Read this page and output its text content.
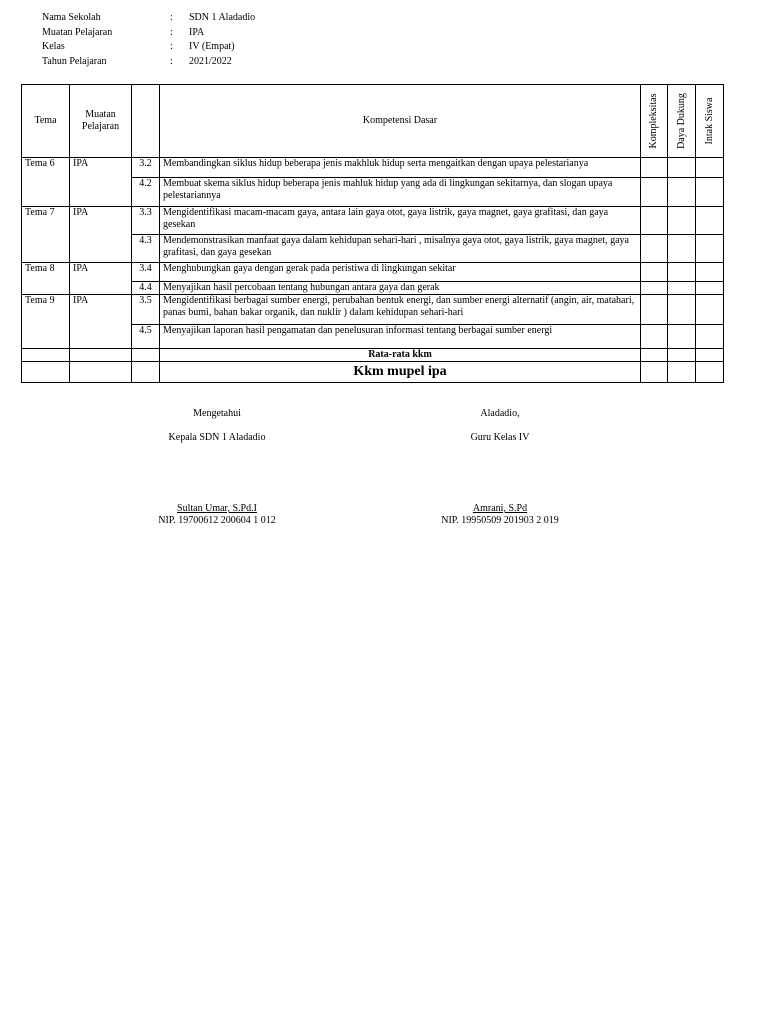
Nama Sekolah	: SDN 1 Aladadio
Muatan Pelajaran	: IPA
Kelas	: IV (Empat)
Tahun Pelajaran	: 2021/2022
Tema	Muatan Pelajaran		Kompetensi Dasar	Kompleksitas	Daya Dukung	Intak Siswa

Tema 6	IPA	3.2	Membandingkan siklus hidup beberapa jenis makhluk hidup serta mengaitkan dengan upaya pelestarianya			
		4.2	Membuat skema siklus hidup beberapa jenis mahluk hidup yang ada di lingkungan sekitarnya, dan slogan upaya pelestariannya			
Tema 7	IPA	3.3	Mengidentifikasi macam-macam gaya, antara lain gaya otot, gaya listrik, gaya magnet, gaya grafitasi, dan gaya gesekan			
		4.3	Mendemonstrasikan manfaat gaya dalam kehidupan sehari-hari , misalnya gaya otot, gaya listrik, gaya magnet, gaya grafitasi, dan gaya gesekan			
Tema 8	IPA	3.4	Menghubungkan gaya dengan gerak pada peristiwa di lingkungan sekitar			
		4.4	Menyajikan hasil percobaan tentang hubungan antara gaya dan gerak			
Tema 9	IPA	3.5	Mengidentifikasi berbagai sumber energi, perubahan bentuk energi, dan sumber energi alternatif (angin, air, matahari, panas bumi, bahan bakar organik, dan nuklir ) dalam kehidupan sehari-hari			
		4.5	Menyajikan laporan hasil pengamatan dan penelusuran informasi tentang berbagai sumber energi			
			Rata-rata kkm			
			Kkm mupel ipa			
Mengetahui
Kepala SDN 1 Aladadio
Sultan Umar, S.Pd.I
NIP. 19700612 200604 1 012
Aladadio,
Guru Kelas IV
Amrani, S.Pd
NIP. 19950509 201903 2 019
